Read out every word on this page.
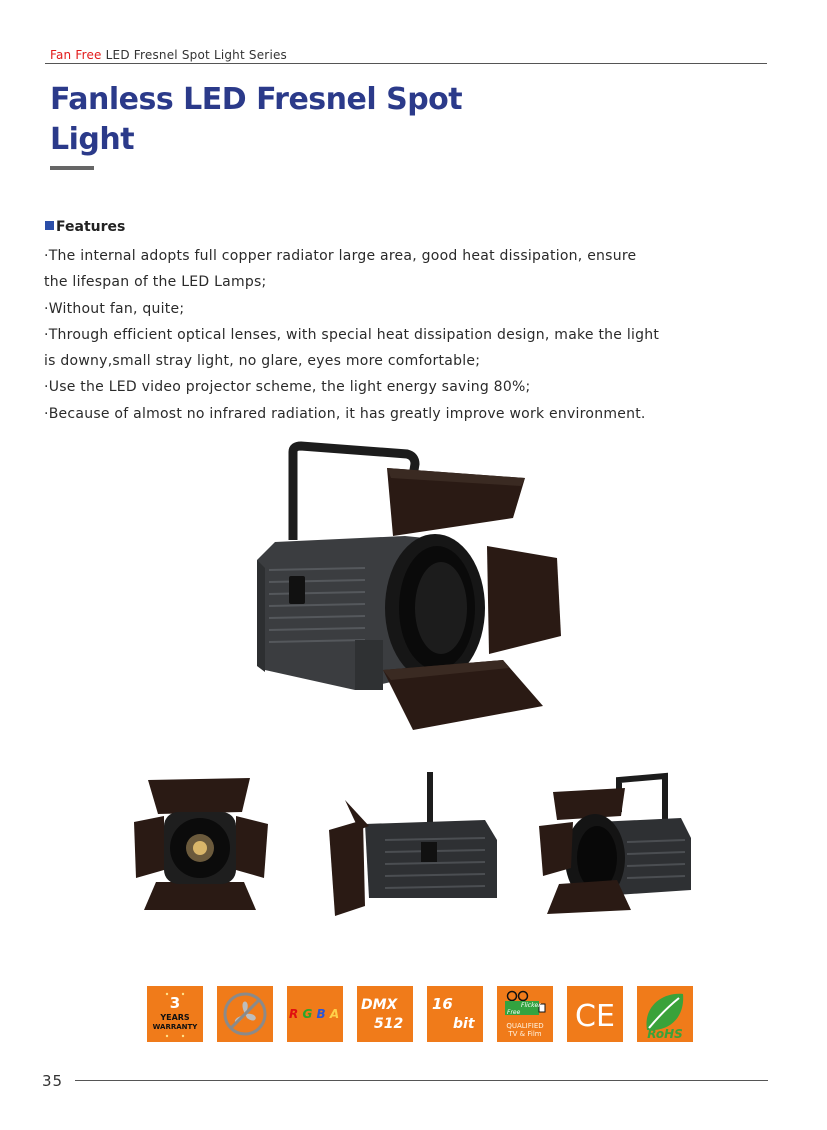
Fan Free LED Fresnel Spot Light Series
Fanless LED Fresnel Spot
Light
Features

·The internal adopts full copper radiator large area, good heat dissipation, ensure

the lifespan of the LED Lamps;

·Without fan, quite;

·Through efficient optical lenses, with special heat dissipation design, make the light

is downy,small stray light, no glare, eyes more comfortable;

·Use the LED video projector scheme, the light energy saving 80%;

·Because of almost no infrared radiation, it has greatly improve work environment.

3
YEARS
WARRANTY
R G B A W
DMX
512
16
bit
Flicker
Free
QUALIFIED
TV & Film CE	RoHS
35
